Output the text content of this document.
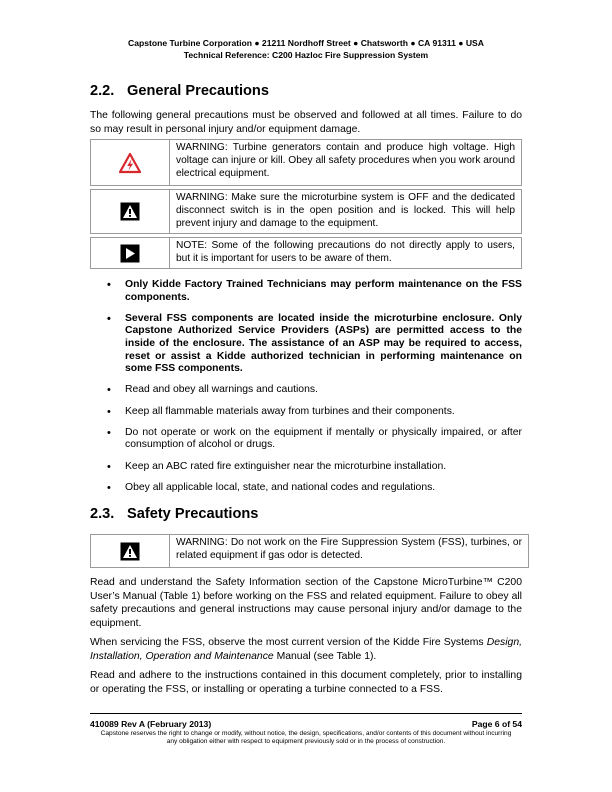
Capstone Turbine Corporation ● 21211 Nordhoff Street ● Chatsworth ● CA 91311 ● USA
Technical Reference: C200 Hazloc Fire Suppression System
2.2. General Precautions

The following general precautions must be observed and followed at all times. Failure to do so may result in personal injury and/or equipment damage.

WARNING: Turbine generators contain and produce high voltage. High voltage can injure or kill. Obey all safety procedures when you work around electrical equipment.
WARNING: Make sure the microturbine system is OFF and the dedicated disconnect switch is in the open position and is locked. This will help prevent injury and damage to the equipment.
NOTE: Some of the following precautions do not directly apply to users, but it is important for users to be aware of them.
• Only Kidde Factory Trained Technicians may perform maintenance on the FSS components.
• Several FSS components are located inside the microturbine enclosure. Only Capstone Authorized Service Providers (ASPs) are permitted access to the inside of the enclosure. The assistance of an ASP may be required to access, reset or assist a Kidde authorized technician in performing maintenance on some FSS components.
• Read and obey all warnings and cautions.
• Keep all flammable materials away from turbines and their components.
• Do not operate or work on the equipment if mentally or physically impaired, or after consumption of alcohol or drugs.
• Keep an ABC rated fire extinguisher near the microturbine installation.
• Obey all applicable local, state, and national codes and regulations.
2.3. Safety Precautions
WARNING: Do not work on the Fire Suppression System (FSS), turbines, or related equipment if gas odor is detected.

Read and understand the Safety Information section of the Capstone MicroTurbine™ C200 User’s Manual (Table 1) before working on the FSS and related equipment. Failure to obey all safety precautions and general instructions may cause personal injury and/or damage to the equipment.

When servicing the FSS, observe the most current version of the Kidde Fire Systems Design, Installation, Operation and Maintenance Manual (see Table 1).

Read and adhere to the instructions contained in this document completely, prior to installing or operating the FSS, or installing or operating a turbine connected to a FSS.

410089 Rev A (February 2013)	Page 6 of 54
Capstone reserves the right to change or modify, without notice, the design, specifications, and/or contents of this document without incurring any obligation either with respect to equipment previously sold or in the process of construction.
